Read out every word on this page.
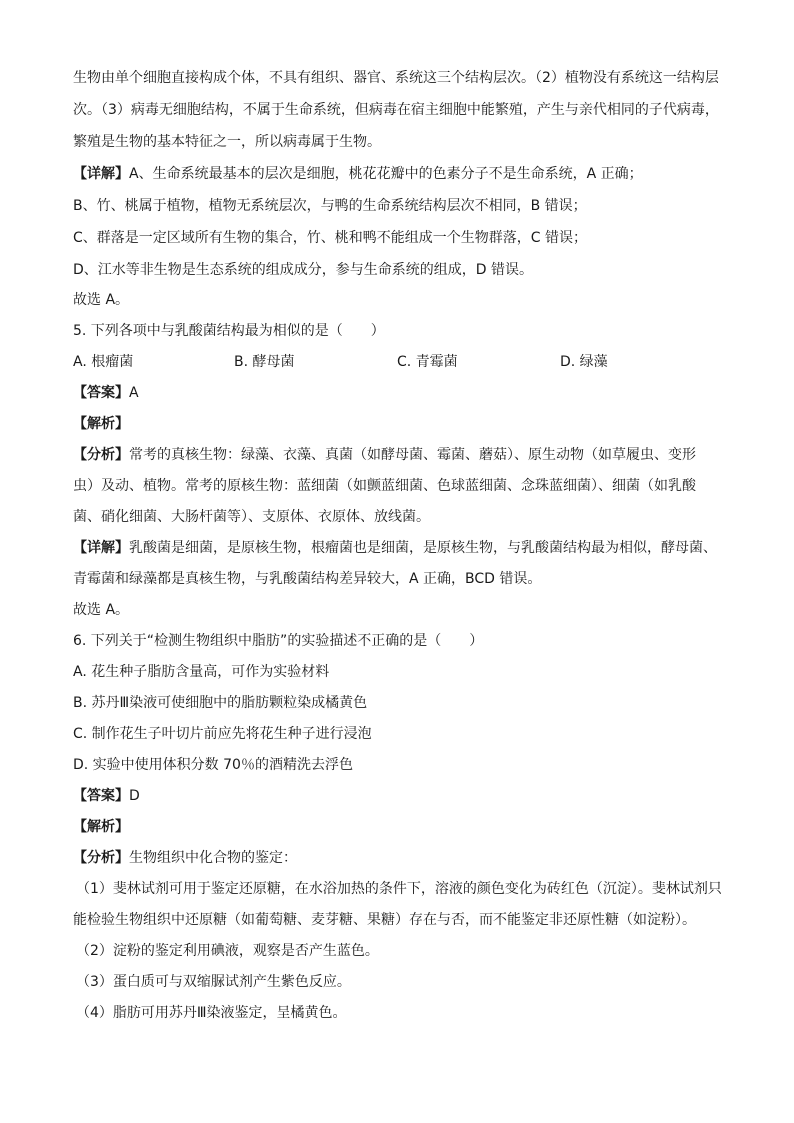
生物由单个细胞直接构成个体，不具有组织、器官、系统这三个结构层次。（2）植物没有系统这一结构层
次。（3）病毒无细胞结构，不属于生命系统，但病毒在宿主细胞中能繁殖，产生与亲代相同的子代病毒，
繁殖是生物的基本特征之一，所以病毒属于生物。
【详解】A、生命系统最基本的层次是细胞，桃花花瓣中的色素分子不是生命系统，A 正确；
B、竹、桃属于植物，植物无系统层次，与鸭的生命系统结构层次不相同，B 错误；
C、群落是一定区域所有生物的集合，竹、桃和鸭不能组成一个生物群落，C 错误；
D、江水等非生物是生态系统的组成成分，参与生命系统的组成，D 错误。
故选 A。
5. 下列各项中与乳酸菌结构最为相似的是（　　）
A. 根瘤菌	B. 酵母菌	C. 青霉菌	D. 绿藻
【答案】A
【解析】
【分析】常考的真核生物：绿藻、衣藻、真菌（如酵母菌、霉菌、蘑菇）、原生动物（如草履虫、变形
虫）及动、植物。常考的原核生物：蓝细菌（如颤蓝细菌、色球蓝细菌、念珠蓝细菌）、细菌（如乳酸
菌、硝化细菌、大肠杆菌等）、支原体、衣原体、放线菌。
【详解】乳酸菌是细菌，是原核生物，根瘤菌也是细菌，是原核生物，与乳酸菌结构最为相似，酵母菌、
青霉菌和绿藻都是真核生物，与乳酸菌结构差异较大，A 正确，BCD 错误。
故选 A。
6. 下列关于“检测生物组织中脂肪”的实验描述不正确的是（　　）
A. 花生种子脂肪含量高，可作为实验材料
B. 苏丹Ⅲ染液可使细胞中的脂肪颗粒染成橘黄色
C. 制作花生子叶切片前应先将花生种子进行浸泡
D. 实验中使用体积分数 70％的酒精洗去浮色
【答案】D
【解析】
【分析】生物组织中化合物的鉴定：
（1）斐林试剂可用于鉴定还原糖，在水浴加热的条件下，溶液的颜色变化为砖红色（沉淀）。斐林试剂只
能检验生物组织中还原糖（如葡萄糖、麦芽糖、果糖）存在与否，而不能鉴定非还原性糖（如淀粉）。
（2）淀粉的鉴定利用碘液，观察是否产生蓝色。
（3）蛋白质可与双缩脲试剂产生紫色反应。
（4）脂肪可用苏丹Ⅲ染液鉴定，呈橘黄色。
